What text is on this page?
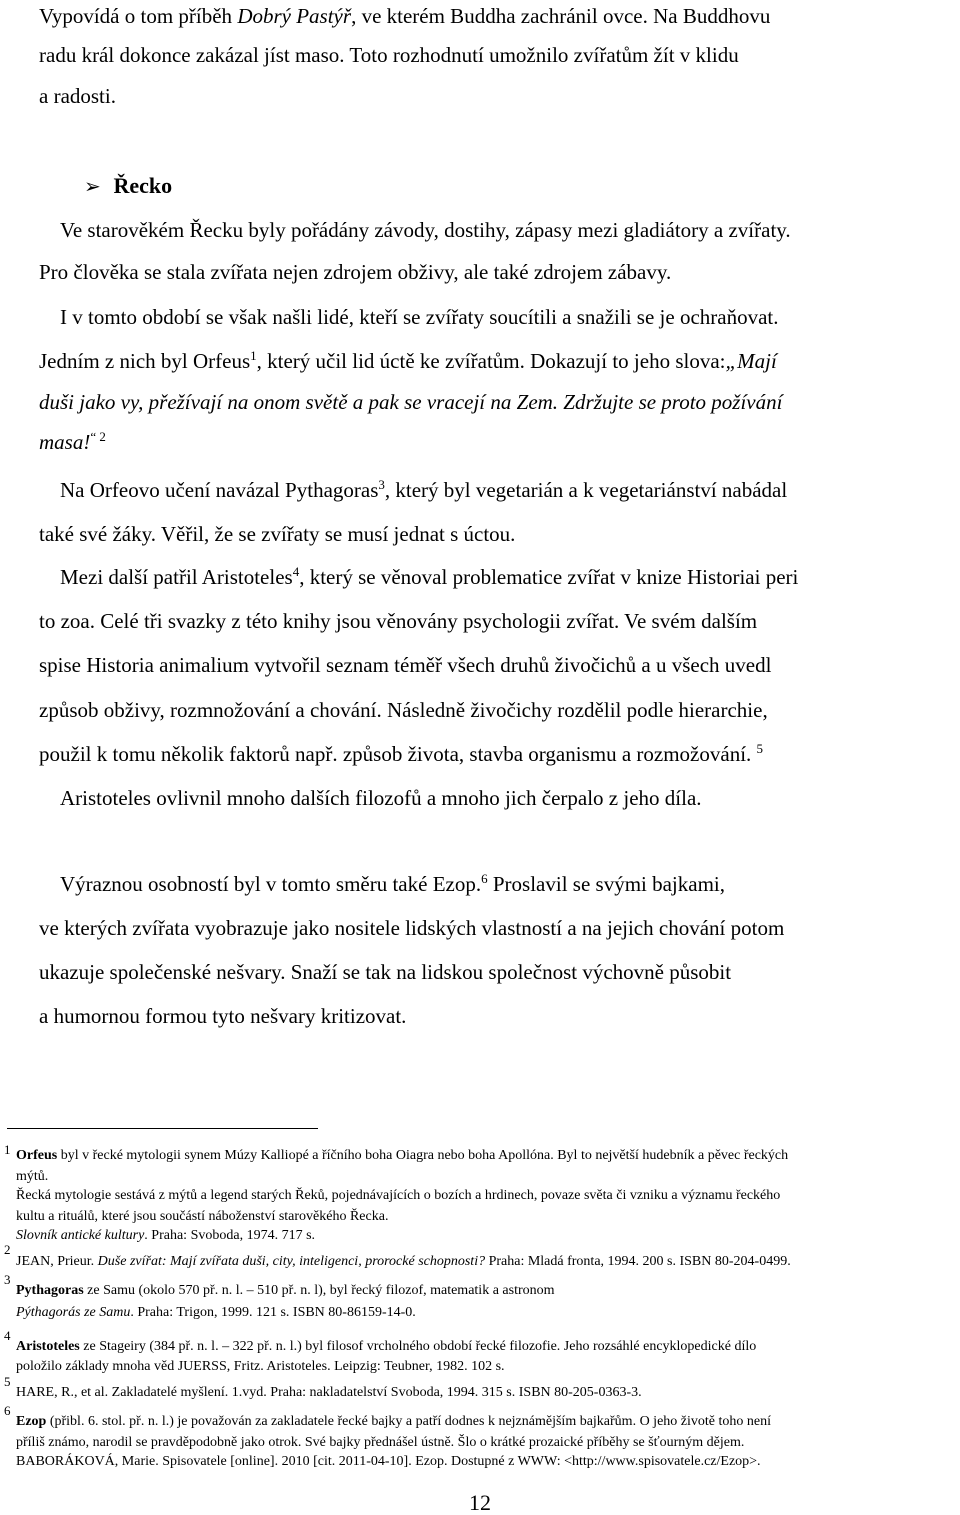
Vypovídá o tom příběh Dobrý Pastýř, ve kterém Buddha zachránil ovce. Na Buddhovu

radu král dokonce zakázal jíst maso. Toto rozhodnutí umožnilo zvířatům žít v klidu

a radosti.

➢ Řecko

Ve starověkém Řecku byly pořádány závody, dostihy, zápasy mezi gladiátory a zvířaty.

Pro člověka se stala zvířata nejen zdrojem obživy, ale také zdrojem zábavy.

I v tomto období se však našli lidé, kteří se zvířaty soucítili a snažili se je ochraňovat.

Jedním z nich byl Orfeus$^1$, který učil lid úctě ke zvířatům. Dokazují to jeho slova:„Mají

duši jako vy, přežívají na onom světě a pak se vracejí na Zem. Zdržujte se proto požívání

masa!$^{“ 2}$

Na Orfeovo učení navázal Pythagoras$^3$, který byl vegetarián a k vegetariánství nabádal

také své žáky. Věřil, že se zvířaty se musí jednat s úctou.

Mezi další patřil Aristoteles$^4$, který se věnoval problematice zvířat v knize Historiai peri

to zoa. Celé tři svazky z této knihy jsou věnovány psychologii zvířat. Ve svém dalším

spise Historia animalium vytvořil seznam téměř všech druhů živočichů a u všech uvedl

způsob obživy, rozmnožování a chování. Následně živočichy rozdělil podle hierarchie,

použil k tomu několik faktorů např. způsob života, stavba organismu a rozmožování. $^5$

Aristoteles ovlivnil mnoho dalších filozofů a mnoho jich čerpalo z jeho díla.

Výraznou osobností byl v tomto směru také Ezop.$^6$ Proslavil se svými bajkami,

ve kterých zvířata vyobrazuje jako nositele lidských vlastností a na jejich chování potom

ukazuje společenské nešvary. Snaží se tak na lidskou společnost výchovně působit

a humornou formou tyto nešvary kritizovat.

1 Orfeus byl v řecké mytologii synem Múzy Kalliopé a říčního boha Oiagra nebo boha Apollóna. Byl to největší hudebník a pěvec řeckých

mýtů.

Řecká mytologie sestává z mýtů a legend starých Řeků, pojednávajících o bozích a hrdinech, povaze světa či vzniku a významu řeckého

kultu a rituálů, které jsou součástí náboženství starověkého Řecka.

Slovník antické kultury. Praha: Svoboda, 1974. 717 s.

2

JEAN, Prieur. Duše zvířat: Mají zvířata duši, city, inteligenci, prorocké schopnosti? Praha: Mladá fronta, 1994. 200 s. ISBN 80-204-0499.

3

Pythagoras ze Samu (okolo 570 př. n. l. – 510 př. n. l), byl řecký filozof, matematik a astronom

Pýthagorás ze Samu. Praha: Trigon, 1999. 121 s. ISBN 80-86159-14-0.

4

Aristoteles ze Stageiry (384 př. n. l. – 322 př. n. l.) byl filosof vrcholného období řecké filozofie. Jeho rozsáhlé encyklopedické dílo

položilo základy mnoha věd JUERSS, Fritz. Aristoteles. Leipzig: Teubner, 1982. 102 s.

5

HARE, R., et al. Zakladatelé myšlení. 1.vyd. Praha: nakladatelství Svoboda, 1994. 315 s. ISBN 80-205-0363-3.

6

Ezop (přibl. 6. stol. př. n. l.) je považován za zakladatele řecké bajky a patří dodnes k nejznámějším bajkařům. O jeho životě toho není

příliš známo, narodil se pravděpodobně jako otrok. Své bajky přednášel ústně. Šlo o krátké prozaické příběhy se šťourným dějem.

BABORÁKOVÁ, Marie. Spisovatele [online]. 2010 [cit. 2011-04-10]. Ezop. Dostupné z WWW: <http://www.spisovatele.cz/Ezop>.

12
